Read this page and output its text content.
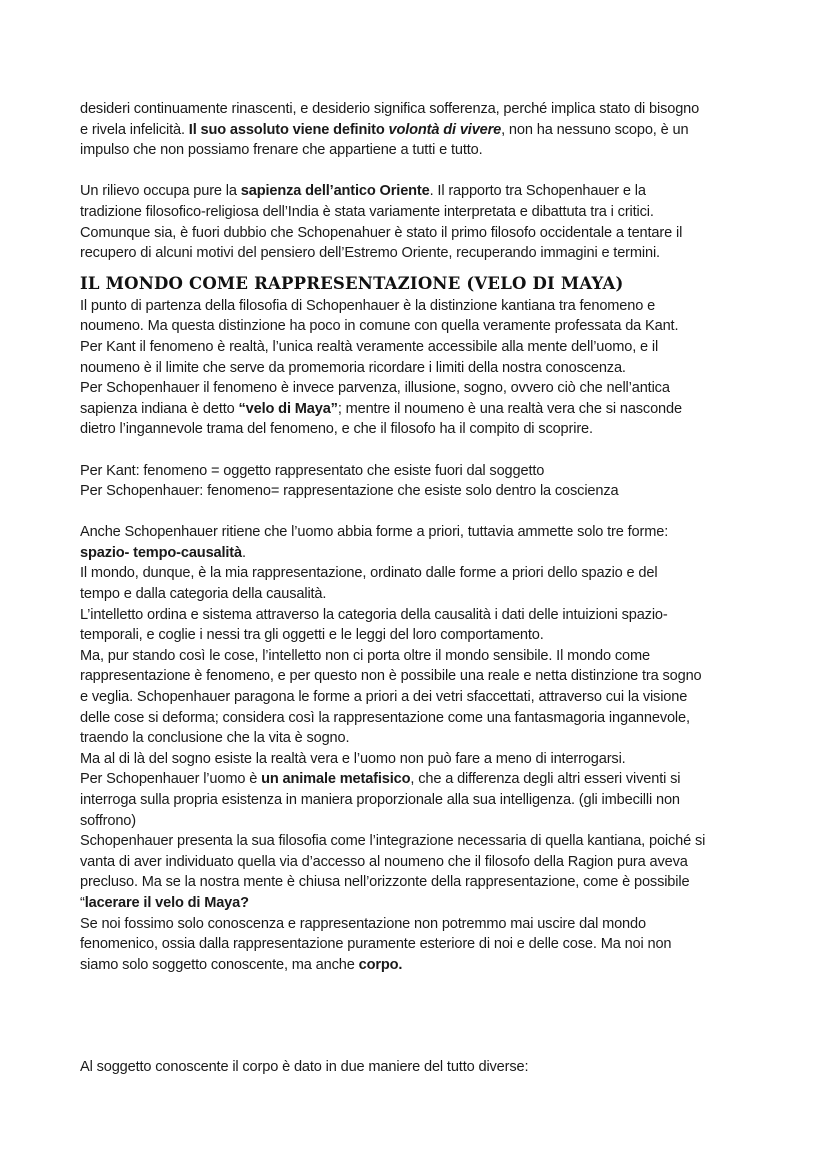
desideri continuamente rinascenti, e desiderio significa sofferenza, perché implica stato di bisogno
e rivela infelicità. Il suo assoluto viene definito volontà di vivere, non ha nessuno scopo, è un
impulso che non possiamo frenare che appartiene a tutti e tutto.

Un rilievo occupa pure la sapienza dell’antico Oriente. Il rapporto tra Schopenhauer e la
tradizione filosofico-religiosa dell’India è stata variamente interpretata e dibattuta tra i critici.
Comunque sia, è fuori dubbio che Schopenahuer è stato il primo filosofo occidentale a tentare il
recupero di alcuni motivi del pensiero dell’Estremo Oriente, recuperando immagini e termini.

IL MONDO COME RAPPRESENTAZIONE (VELO DI MAYA)

Il punto di partenza della filosofia di Schopenhauer è la distinzione kantiana tra fenomeno e
noumeno. Ma questa distinzione ha poco in comune con quella veramente professata da Kant.
Per Kant il fenomeno è realtà, l’unica realtà veramente accessibile alla mente dell’uomo, e il
noumeno è il limite che serve da promemoria ricordare i limiti della nostra conoscenza.
Per Schopenhauer il fenomeno è invece parvenza, illusione, sogno, ovvero ciò che nell’antica
sapienza indiana è detto “velo di Maya”; mentre il noumeno è una realtà vera che si nasconde
dietro l’ingannevole trama del fenomeno, e che il filosofo ha il compito di scoprire.

Per Kant: fenomeno = oggetto rappresentato che esiste fuori dal soggetto
Per Schopenhauer: fenomeno= rappresentazione che esiste solo dentro la coscienza

Anche Schopenhauer ritiene che l’uomo abbia forme a priori, tuttavia ammette solo tre forme:
spazio- tempo-causalità.
Il mondo, dunque, è la mia rappresentazione, ordinato dalle forme a priori dello spazio e del
tempo e dalla categoria della causalità.
L’intelletto ordina e sistema attraverso la categoria della causalità i dati delle intuizioni spazio-
temporali, e coglie i nessi tra gli oggetti e le leggi del loro comportamento.
Ma, pur stando così le cose, l’intelletto non ci porta oltre il mondo sensibile. Il mondo come
rappresentazione è fenomeno, e per questo non è possibile una reale e netta distinzione tra sogno
e veglia. Schopenhauer paragona le forme a priori a dei vetri sfaccettati, attraverso cui la visione
delle cose si deforma; considera così la rappresentazione come una fantasmagoria ingannevole,
traendo la conclusione che la vita è sogno.
Ma al di là del sogno esiste la realtà vera e l’uomo non può fare a meno di interrogarsi.
Per Schopenhauer l’uomo è un animale metafisico, che a differenza degli altri esseri viventi si
interroga sulla propria esistenza in maniera proporzionale alla sua intelligenza. (gli imbecilli non
soffrono)
Schopenhauer presenta la sua filosofia come l’integrazione necessaria di quella kantiana, poiché si
vanta di aver individuato quella via d’accesso al noumeno che il filosofo della Ragion pura aveva
precluso. Ma se la nostra mente è chiusa nell’orizzonte della rappresentazione, come è possibile
“lacerare il velo di Maya?
Se noi fossimo solo conoscenza e rappresentazione non potremmo mai uscire dal mondo
fenomenico, ossia dalla rappresentazione puramente esteriore di noi e delle cose. Ma noi non
siamo solo soggetto conoscente, ma anche corpo.

Al soggetto conoscente il corpo è dato in due maniere del tutto diverse:
